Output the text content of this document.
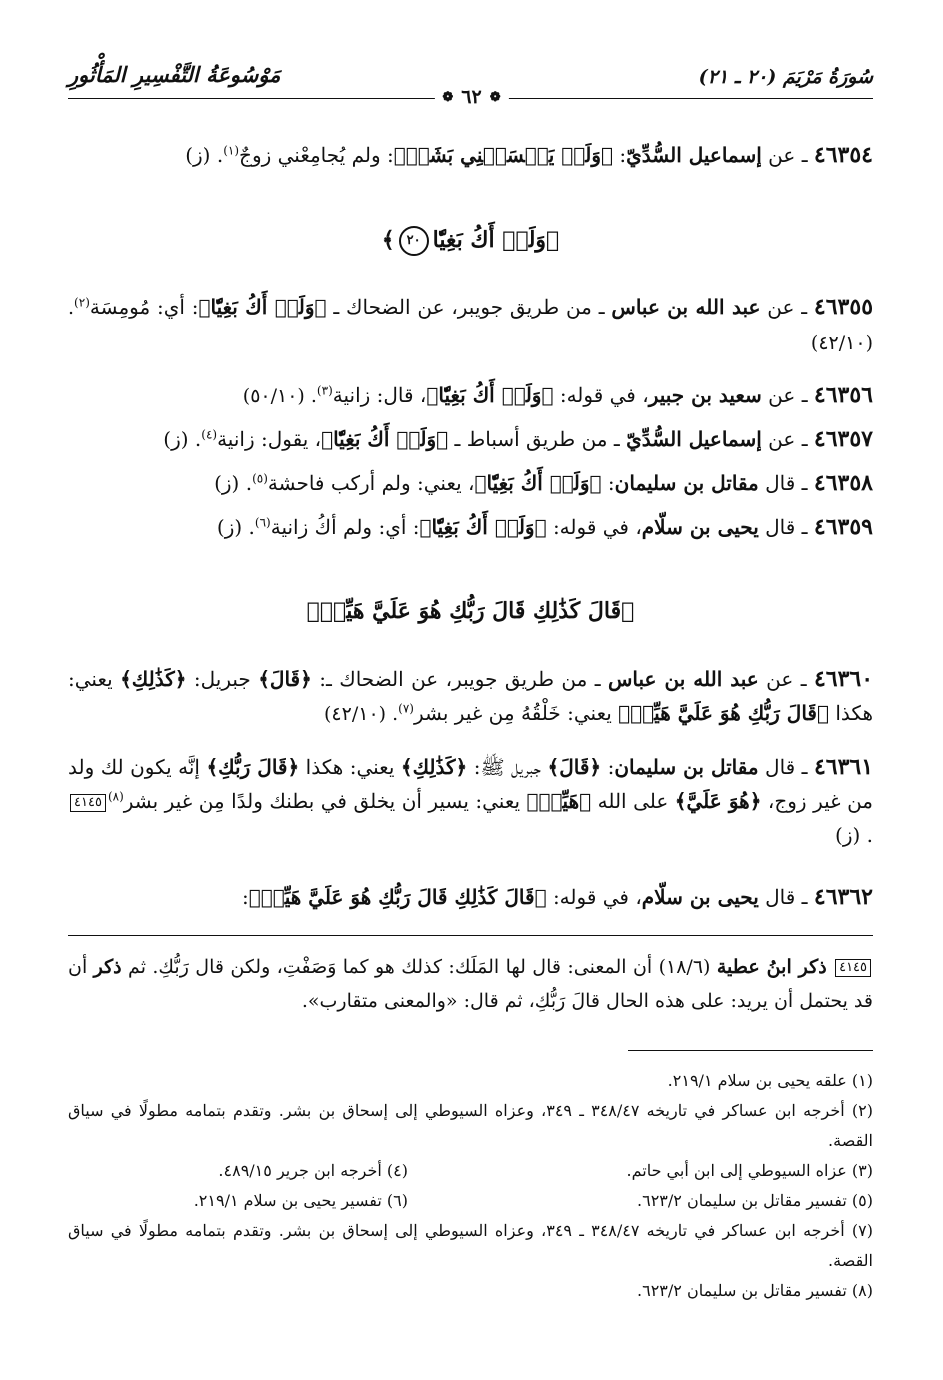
سُورَةُ مَرْيَمَ (٢٠ ـ ٢١)
مَوْسُوعَةُ التَّفْسِيرِ المَأْثُورِ
❁
٦٢
❁
٤٦٣٥٤ ـ عن إسماعيل السُّدِّيّ: ﴿وَلَمۡ يَمۡسَسۡنِي بَشَرٞ﴾: ولم يُجامِعْني زوجٌ$^{(١)}$. (ز)
﴿وَلَمۡ أَكُ بَغِيّٗا٢٠﴾
٤٦٣٥٥ ـ عن عبد الله بن عباس ـ من طريق جويبر، عن الضحاك ـ ﴿وَلَمۡ أَكُ بَغِيّٗا﴾: أي: مُومِسَة$^{(٢)}$. (٤٢/١٠)
٤٦٣٥٦ ـ عن سعيد بن جبير، في قوله: ﴿وَلَمۡ أَكُ بَغِيّٗا﴾، قال: زانية$^{(٣)}$. (٥٠/١٠)
٤٦٣٥٧ ـ عن إسماعيل السُّدِّيّ ـ من طريق أسباط ـ ﴿وَلَمۡ أَكُ بَغِيّٗا﴾، يقول: زانية$^{(٤)}$. (ز)
٤٦٣٥٨ ـ قال مقاتل بن سليمان: ﴿وَلَمۡ أَكُ بَغِيّٗا﴾، يعني: ولم أركب فاحشة$^{(٥)}$. (ز)
٤٦٣٥٩ ـ قال يحيى بن سلّام، في قوله: ﴿وَلَمۡ أَكُ بَغِيّٗا﴾: أي: ولم أكُ زانية$^{(٦)}$. (ز)
﴿قَالَ كَذَٰلِكِ قَالَ رَبُّكِ هُوَ عَلَيَّ هَيِّنٞ﴾
٤٦٣٦٠ ـ عن عبد الله بن عباس ـ من طريق جويبر، عن الضحاك ـ: ﴿قَالَ﴾ جبريل: ﴿كَذَٰلِكِ﴾ يعني: هكذا ﴿قَالَ رَبُّكِ هُوَ عَلَيَّ هَيِّنٞ﴾ يعني: خَلْقُهُ مِن غير بشر$^{(٧)}$. (٤٢/١٠)
٤٦٣٦١ ـ قال مقاتل بن سليمان: ﴿قَالَ﴾ جبريل ﷺ: ﴿كَذَٰلِكِ﴾ يعني: هكذا ﴿قَالَ رَبُّكِ﴾ إنَّه يكون لك ولد من غير زوج، ﴿هُوَ عَلَيَّ﴾ على الله ﴿هَيِّنٞ﴾ يعني: يسير أن يخلق في بطنك ولدًا مِن غير بشر$^{(٨)}$٤١٤٥. (ز)
٤٦٣٦٢ ـ قال يحيى بن سلّام، في قوله: ﴿قَالَ كَذَٰلِكِ قَالَ رَبُّكِ هُوَ عَلَيَّ هَيِّنٞ﴾:
٤١٤٥ ذكر ابنُ عطية (١٨/٦) أن المعنى: قال لها المَلَك: كذلك هو كما وَصَفْتِ، ولكن قال رَبُّكِ. ثم ذكر أن قد يحتمل أن يريد: على هذه الحال قالَ رَبُّكِ، ثم قال: «والمعنى متقارب».
(١) علقه يحيى بن سلام ٢١٩/١.
(٢) أخرجه ابن عساكر في تاريخه ٣٤٨/٤٧ ـ ٣٤٩، وعزاه السيوطي إلى إسحاق بن بشر. وتقدم بتمامه مطولًا في سياق القصة.
(٣) عزاه السيوطي إلى ابن أبي حاتم.
(٤) أخرجه ابن جرير ٤٨٩/١٥.
(٥) تفسير مقاتل بن سليمان ٦٢٣/٢.
(٦) تفسير يحيى بن سلام ٢١٩/١.
(٧) أخرجه ابن عساكر في تاريخه ٣٤٨/٤٧ ـ ٣٤٩، وعزاه السيوطي إلى إسحاق بن بشر. وتقدم بتمامه مطولًا في سياق القصة.
(٨) تفسير مقاتل بن سليمان ٦٢٣/٢.
